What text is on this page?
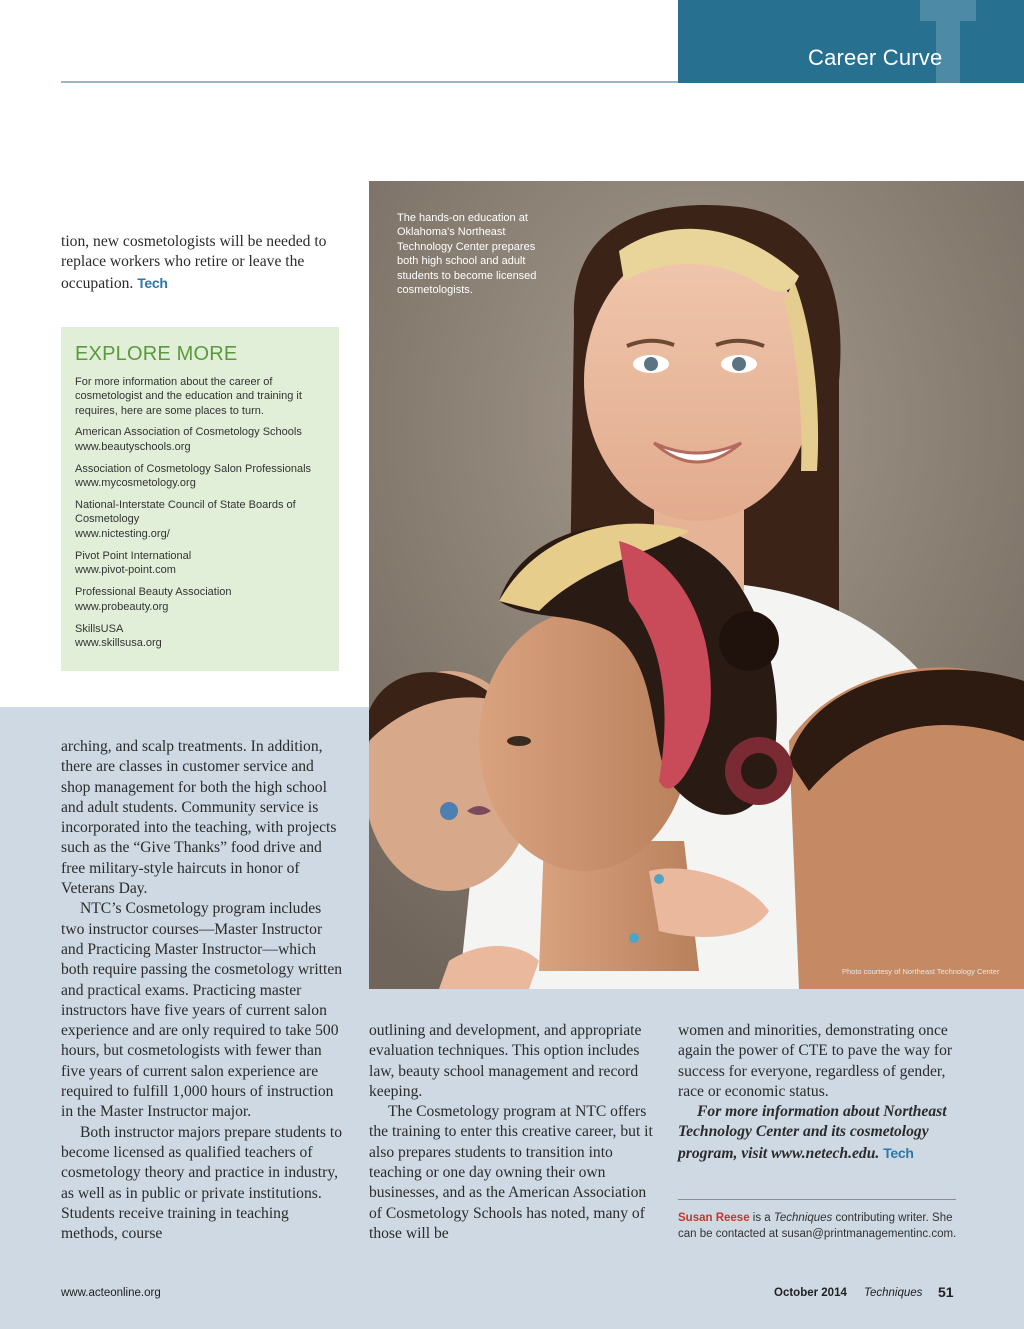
Career Curve
tion, new cosmetologists will be needed to replace workers who retire or leave the occupation. Tech
EXPLORE MORE
For more information about the career of cosmetologist and the education and training it requires, here are some places to turn.
American Association of Cosmetology Schools
www.beautyschools.org
Association of Cosmetology Salon Professionals
www.mycosmetology.org
National-Interstate Council of State Boards of Cosmetology
www.nictesting.org/
Pivot Point International
www.pivot-point.com
Professional Beauty Association
www.probeauty.org
SkillsUSA
www.skillsusa.org
The hands-on education at Oklahoma's Northeast Technology Center prepares both high school and adult students to become licensed cosmetologists.
Photo courtesy of Northeast Technology Center

arching, and scalp treatments. In addition, there are classes in customer service and shop management for both the high school and adult students. Community service is incorporated into the teaching, with projects such as the “Give Thanks” food drive and free military-style haircuts in honor of Veterans Day.

NTC’s Cosmetology program includes two instructor courses—Master Instructor and Practicing Master Instructor—which both require passing the cosmetology written and practical exams. Practicing master instructors have five years of current salon experience and are only required to take 500 hours, but cosmetologists with fewer than five years of current salon experience are required to fulfill 1,000 hours of instruction in the Master Instructor major.

Both instructor majors prepare students to become licensed as qualified teachers of cosmetology theory and practice in industry, as well as in public or private institutions. Students receive training in teaching methods, course

outlining and development, and appropriate evaluation techniques. This option includes law, beauty school management and record keeping.

The Cosmetology program at NTC offers the training to enter this creative career, but it also prepares students to transition into teaching or one day owning their own businesses, and as the American Association of Cosmetology Schools has noted, many of those will be

women and minorities, demonstrating once again the power of CTE to pave the way for success for everyone, regardless of gender, race or economic status.

For more information about Northeast Technology Center and its cosmetology program, visit www.netech.edu. Tech

Susan Reese is a Techniques contributing writer. She can be contacted at susan@printmanagementinc.com.
www.acteonline.org	October 2014 Techniques 51
